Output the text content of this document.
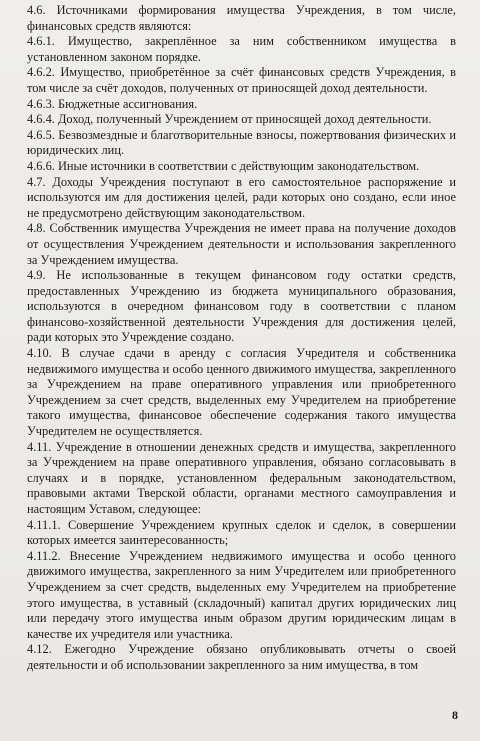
4.6. Источниками формирования имущества Учреждения, в том числе, финансовых средств являются:

4.6.1. Имущество, закреплённое за ним собственником имущества в установленном законом порядке.

4.6.2. Имущество, приобретённое за счёт финансовых средств Учреждения, в том числе за счёт доходов, полученных от приносящей доход деятельности.

4.6.3. Бюджетные ассигнования.

4.6.4. Доход, полученный Учреждением от приносящей доход деятельности.

4.6.5. Безвозмездные и благотворительные взносы, пожертвования физических и юридических лиц.

4.6.6. Иные источники в соответствии с действующим законодательством.

4.7. Доходы Учреждения поступают в его самостоятельное распоряжение и используются им для достижения целей, ради которых оно создано, если иное не предусмотрено действующим законодательством.

4.8. Собственник имущества Учреждения не имеет права на получение доходов от осуществления Учреждением деятельности и использования закрепленного за Учреждением имущества.

4.9. Не использованные в текущем финансовом году остатки средств, предоставленных Учреждению из бюджета муниципального образования, используются в очередном финансовом году в соответствии с планом финансово-хозяйственной деятельности Учреждения для достижения целей, ради которых это Учреждение создано.

4.10. В случае сдачи в аренду с согласия Учредителя и собственника недвижимого имущества и особо ценного движимого имущества, закрепленного за Учреждением на праве оперативного управления или приобретенного Учреждением за счет средств, выделенных ему Учредителем на приобретение такого имущества, финансовое обеспечение содержания такого имущества Учредителем не осуществляется.

4.11. Учреждение в отношении денежных средств и имущества, закрепленного за Учреждением на праве оперативного управления, обязано согласовывать в случаях и в порядке, установленном федеральным законодательством, правовыми актами Тверской области, органами местного самоуправления и настоящим Уставом, следующее:

4.11.1. Совершение Учреждением крупных сделок и сделок, в совершении которых имеется заинтересованность;

4.11.2. Внесение Учреждением недвижимого имущества и особо ценного движимого имущества, закрепленного за ним Учредителем или приобретенного Учреждением за счет средств, выделенных ему Учредителем на приобретение этого имущества, в уставный (складочный) капитал других юридических лиц или передачу этого имущества иным образом другим юридическим лицам в качестве их учредителя или участника.

4.12. Ежегодно Учреждение обязано опубликовывать отчеты о своей деятельности и об использовании закрепленного за ним имущества, в том

8
